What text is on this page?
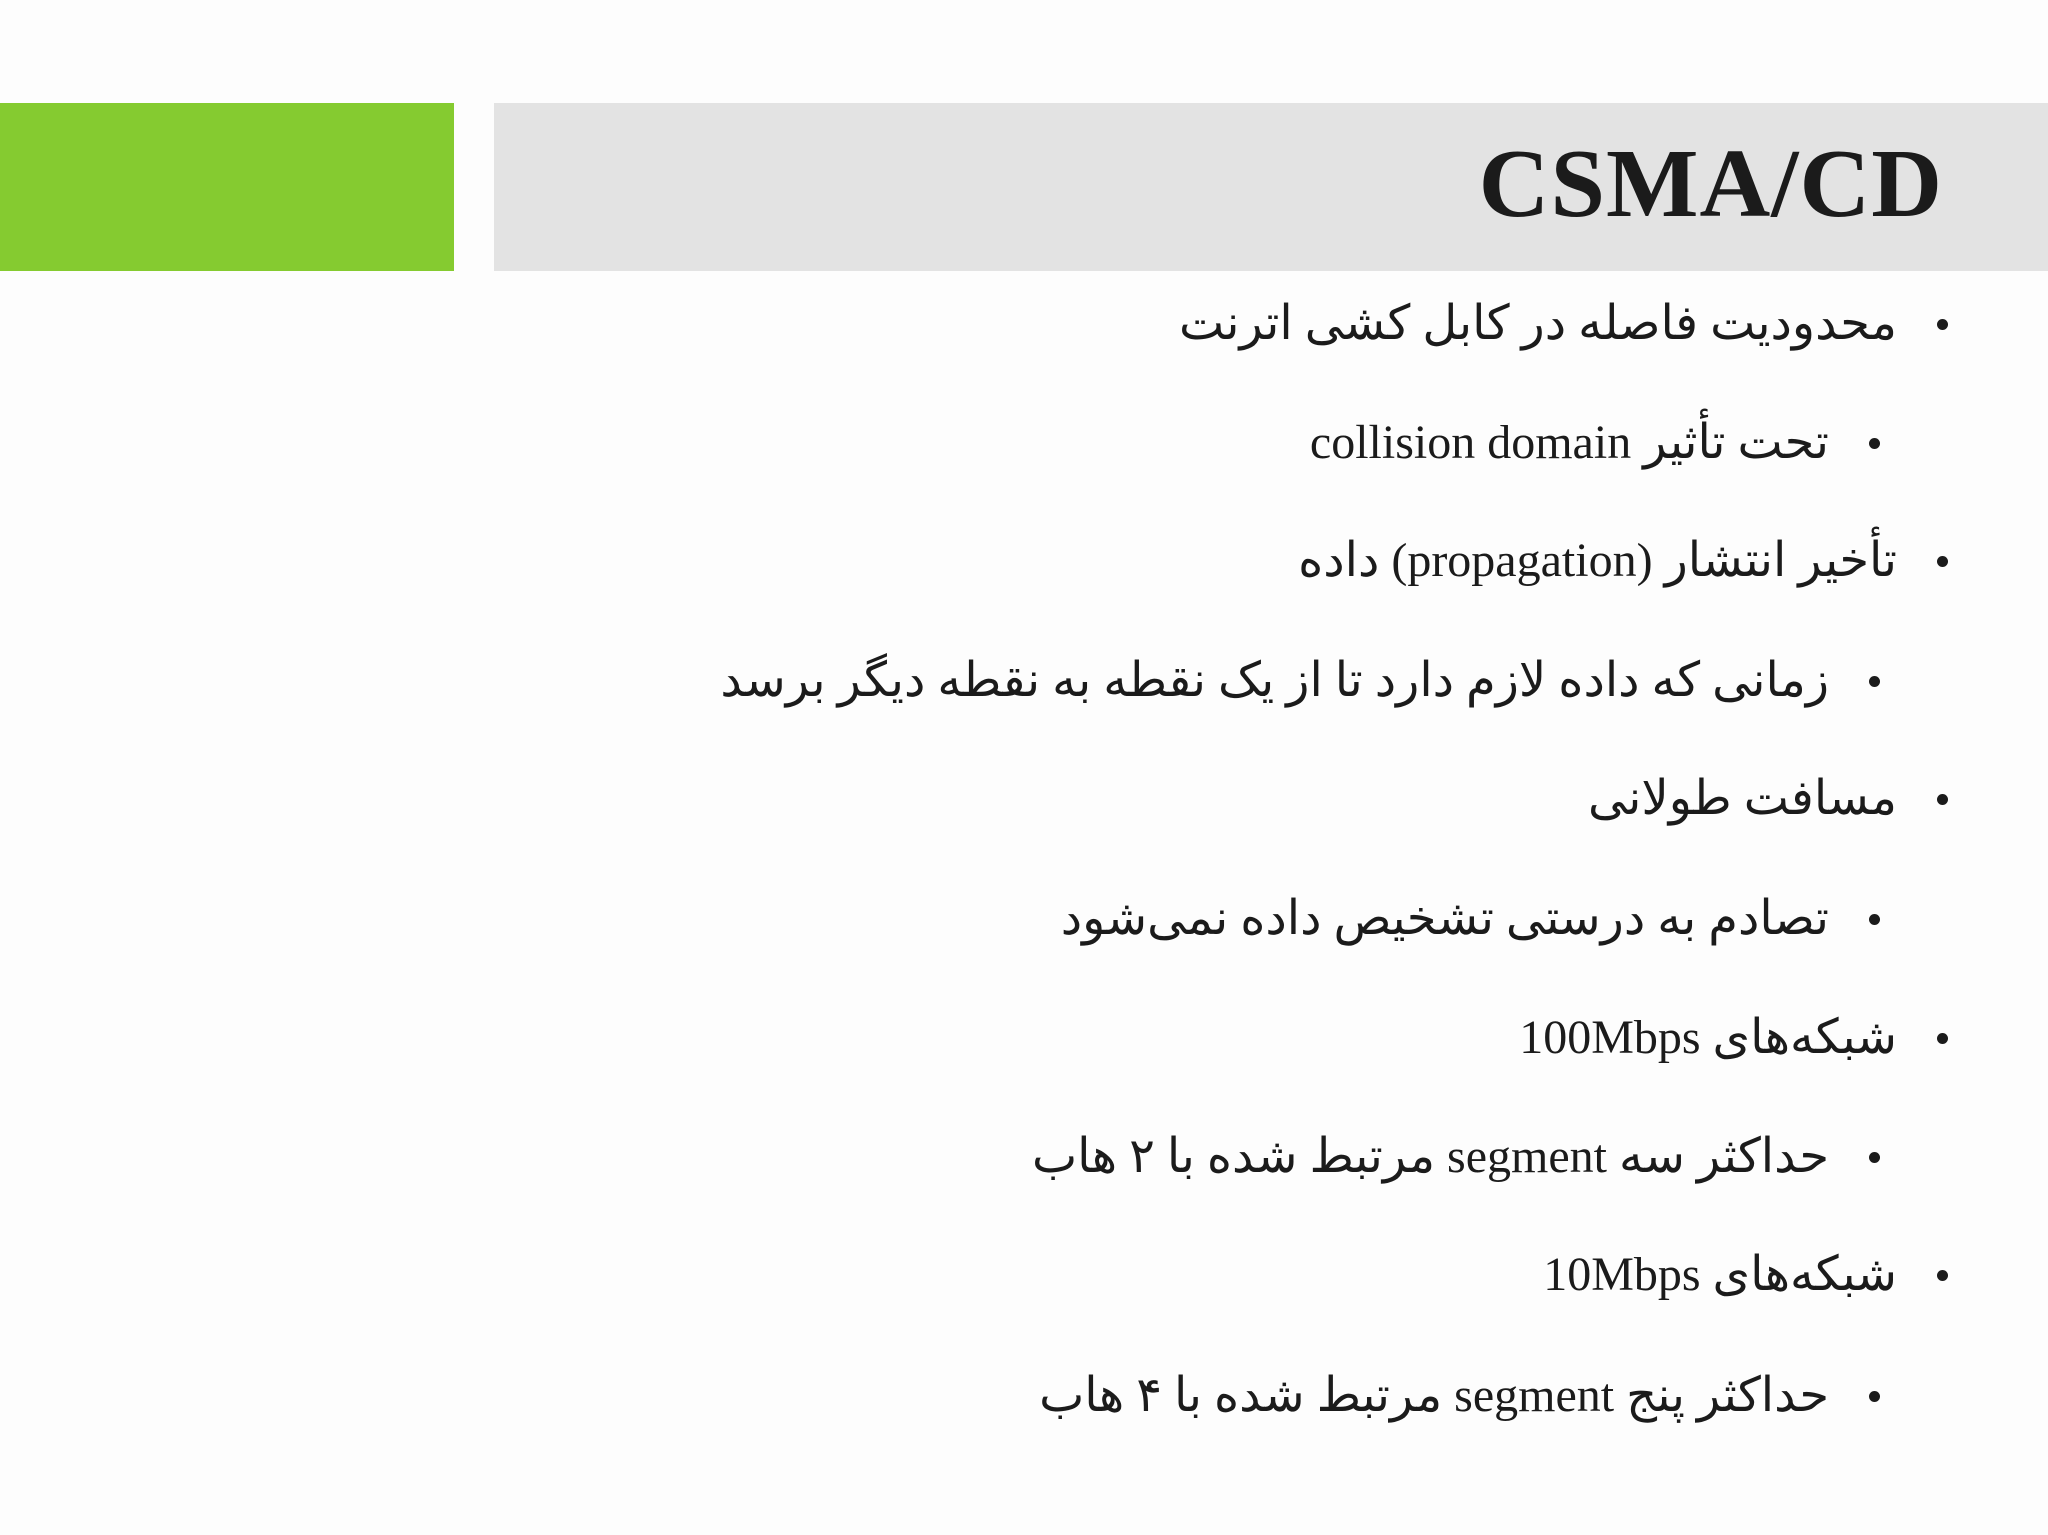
CSMA/CD
محدودیت فاصله در کابل کشی اترنت
تحت تأثیر collision domain
تأخیر انتشار (propagation) داده
زمانی که داده لازم دارد تا از یک نقطه به نقطه دیگر برسد
مسافت طولانی
تصادم به درستی تشخیص داده نمی‌شود
شبکه‌های 100Mbps
حداکثر سه segment مرتبط شده با ۲ هاب
شبکه‌های 10Mbps
حداکثر پنج segment مرتبط شده با ۴ هاب
